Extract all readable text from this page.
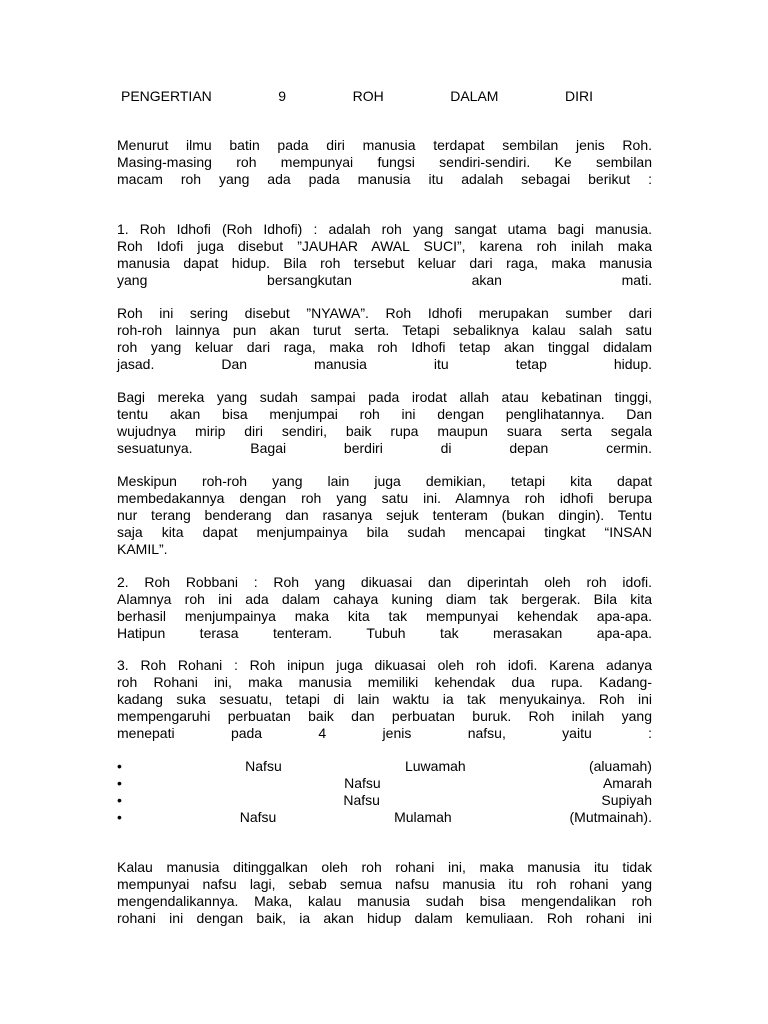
PENGERTIAN	9	ROH	DALAM	DIRI
Menurut ilmu batin pada diri manusia terdapat sembilan jenis Roh.
Masing-masing roh mempunyai fungsi sendiri-sendiri. Ke sembilan
macam roh yang ada pada manusia itu adalah sebagai berikut :
1. Roh Idhofi (Roh Idhofi) : adalah roh yang sangat utama bagi manusia.
Roh Idofi juga disebut ”JAUHAR AWAL SUCI”, karena roh inilah maka
manusia dapat hidup. Bila roh tersebut keluar dari raga, maka manusia
yang bersangkutan akan mati.
Roh ini sering disebut ”NYAWA”. Roh Idhofi merupakan sumber dari
roh-roh lainnya pun akan turut serta. Tetapi sebaliknya kalau salah satu
roh yang keluar dari raga, maka roh Idhofi tetap akan tinggal didalam
jasad. Dan manusia itu tetap hidup.
Bagi mereka yang sudah sampai pada irodat allah atau kebatinan tinggi,
tentu akan bisa menjumpai roh ini dengan penglihatannya. Dan
wujudnya mirip diri sendiri, baik rupa maupun suara serta segala
sesuatunya. Bagai berdiri di depan cermin.
Meskipun roh-roh yang lain juga demikian, tetapi kita dapat
membedakannya dengan roh yang satu ini. Alamnya roh idhofi berupa
nur terang benderang dan rasanya sejuk tenteram (bukan dingin). Tentu
saja kita dapat menjumpainya bila sudah mencapai tingkat “INSAN
KAMIL”.
2. Roh Robbani : Roh yang dikuasai dan diperintah oleh roh idofi.
Alamnya roh ini ada dalam cahaya kuning diam tak bergerak. Bila kita
berhasil menjumpainya maka kita tak mempunyai kehendak apa-apa.
Hatipun terasa tenteram. Tubuh tak merasakan apa-apa.
3. Roh Rohani : Roh inipun juga dikuasai oleh roh idofi. Karena adanya
roh Rohani ini, maka manusia memiliki kehendak dua rupa. Kadang-
kadang suka sesuatu, tetapi di lain waktu ia tak menyukainya. Roh ini
mempengaruhi perbuatan baik dan perbuatan buruk. Roh inilah yang
menepati pada 4 jenis nafsu, yaitu :
•	Nafsu	Luwamah	(aluamah)
•	Nafsu	Amarah
•	Nafsu	Supiyah
•	Nafsu	Mulamah	(Mutmainah).
Kalau manusia ditinggalkan oleh roh rohani ini, maka manusia itu tidak
mempunyai nafsu lagi, sebab semua nafsu manusia itu roh rohani yang
mengendalikannya. Maka, kalau manusia sudah bisa mengendalikan roh
rohani ini dengan baik, ia akan hidup dalam kemuliaan. Roh rohani ini
